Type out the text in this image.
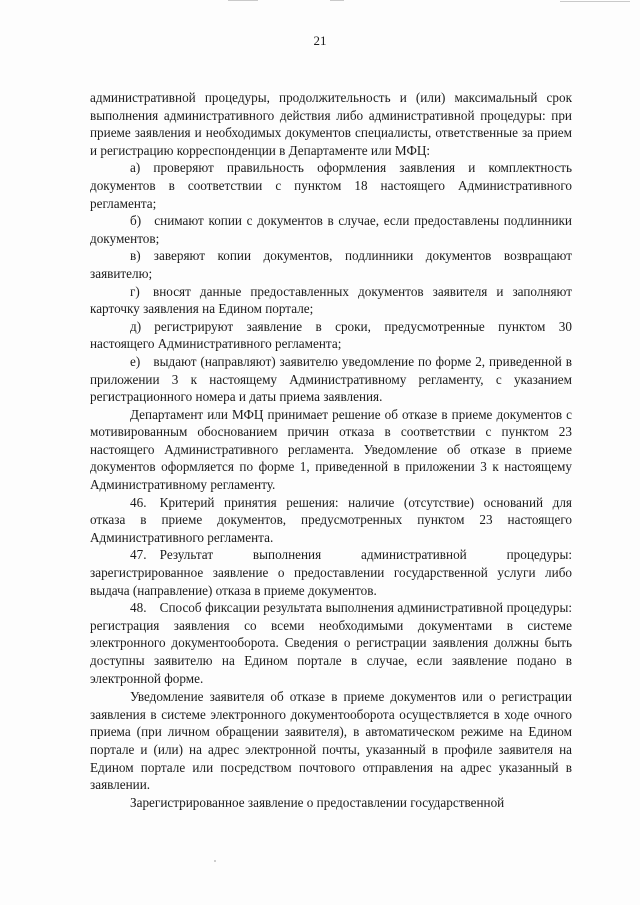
21

административной процедуры, продолжительность и (или) максимальный срок выполнения административного действия либо административной процедуры: при приеме заявления и необходимых документов специалисты, ответственные за прием и регистрацию корреспонденции в Департаменте или МФЦ:

а) проверяют правильность оформления заявления и комплектность документов в соответствии с пунктом 18 настоящего Административного регламента;

б) снимают копии с документов в случае, если предоставлены подлинники документов;

в) заверяют копии документов, подлинники документов возвращают заявителю;

г) вносят данные предоставленных документов заявителя и заполняют карточку заявления на Едином портале;

д) регистрируют заявление в сроки, предусмотренные пунктом 30 настоящего Административного регламента;

е) выдают (направляют) заявителю уведомление по форме 2, приведенной в приложении 3 к настоящему Административному регламенту, с указанием регистрационного номера и даты приема заявления.

Департамент или МФЦ принимает решение об отказе в приеме документов с мотивированным обоснованием причин отказа в соответствии с пунктом 23 настоящего Административного регламента. Уведомление об отказе в приеме документов оформляется по форме 1, приведенной в приложении 3 к настоящему Административному регламенту.

46. Критерий принятия решения: наличие (отсутствие) оснований для отказа в приеме документов, предусмотренных пунктом 23 настоящего Административного регламента.

47. Результат выполнения административной процедуры: зарегистрированное заявление о предоставлении государственной услуги либо выдача (направление) отказа в приеме документов.

48. Способ фиксации результата выполнения административной процедуры: регистрация заявления со всеми необходимыми документами в системе электронного документооборота. Сведения о регистрации заявления должны быть доступны заявителю на Едином портале в случае, если заявление подано в электронной форме.

Уведомление заявителя об отказе в приеме документов или о регистрации заявления в системе электронного документооборота осуществляется в ходе очного приема (при личном обращении заявителя), в автоматическом режиме на Едином портале и (или) на адрес электронной почты, указанный в профиле заявителя на Едином портале или посредством почтового отправления на адрес указанный в заявлении.

Зарегистрированное заявление о предоставлении государственной
